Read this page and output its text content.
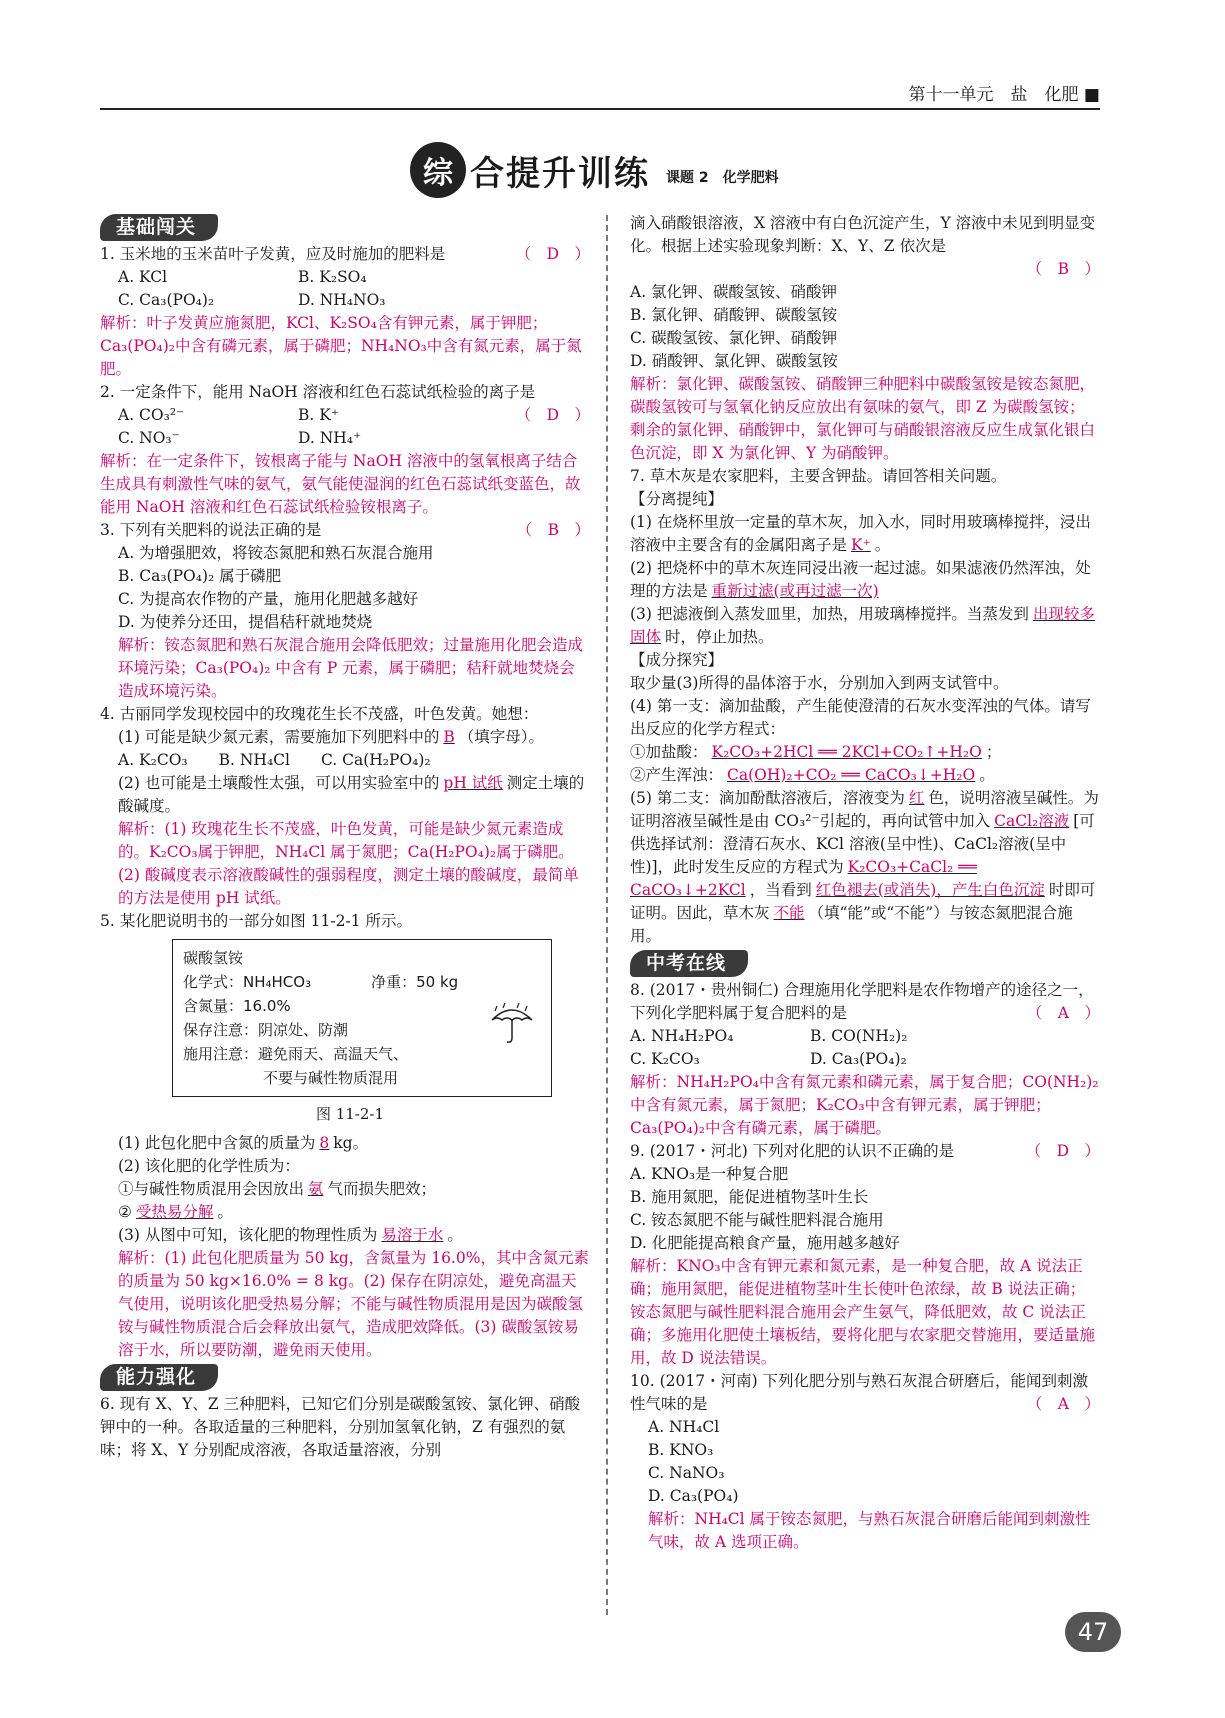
第十一单元　盐　化肥 ■
综 合提升训练 课题 2　化学肥料
基础闯关

1. 玉米地的玉米苗叶子发黄，应及时施加的肥料是	（　D　）

A. KCl	B. K₂SO₄
C. Ca₃(PO₄)₂	D. NH₄NO₃

解析：叶子发黄应施氮肥，KCl、K₂SO₄含有钾元素，属于钾肥；Ca₃(PO₄)₂中含有磷元素，属于磷肥；NH₄NO₃中含有氮元素，属于氮肥。

2. 一定条件下，能用 NaOH 溶液和红色石蕊试纸检验的离子是
（　D　）

A. CO₃²⁻	B. K⁺
C. NO₃⁻	D. NH₄⁺

解析：在一定条件下，铵根离子能与 NaOH 溶液中的氢氧根离子结合生成具有刺激性气味的氨气，氨气能使湿润的红色石蕊试纸变蓝色，故能用 NaOH 溶液和红色石蕊试纸检验铵根离子。

3. 下列有关肥料的说法正确的是	（　B　）

A. 为增强肥效，将铵态氮肥和熟石灰混合施用

B. Ca₃(PO₄)₂ 属于磷肥

C. 为提高农作物的产量，施用化肥越多越好

D. 为使养分还田，提倡秸秆就地焚烧

解析：铵态氮肥和熟石灰混合施用会降低肥效；过量施用化肥会造成环境污染；Ca₃(PO₄)₂ 中含有 P 元素，属于磷肥；秸秆就地焚烧会造成环境污染。

4. 古丽同学发现校园中的玫瑰花生长不茂盛，叶色发黄。她想：

(1) 可能是缺少氮元素，需要施加下列肥料中的 B （填字母）。

A. K₂CO₃　　B. NH₄Cl　　C. Ca(H₂PO₄)₂

(2) 也可能是土壤酸性太强，可以用实验室中的 pH 试纸 测定土壤的酸碱度。

解析：(1) 玫瑰花生长不茂盛，叶色发黄，可能是缺少氮元素造成的。K₂CO₃属于钾肥，NH₄Cl 属于氮肥；Ca(H₂PO₄)₂属于磷肥。(2) 酸碱度表示溶液酸碱性的强弱程度，测定土壤的酸碱度，最简单的方法是使用 pH 试纸。

5. 某化肥说明书的一部分如图 11-2-1 所示。

碳酸氢铵
化学式：NH₄HCO₃	净重：50 kg
含氮量：16.0%
保存注意：阴凉处、防潮
施用注意：避免雨天、高温天气、
不要与碱性物质混用
图 11-2-1

(1) 此包化肥中含氮的质量为 8 kg。

(2) 该化肥的化学性质为：

①与碱性物质混用会因放出 氨 气而损失肥效；

② 受热易分解 。

(3) 从图中可知，该化肥的物理性质为 易溶于水 。

解析：(1) 此包化肥质量为 50 kg，含氮量为 16.0%，其中含氮元素的质量为 50 kg×16.0% = 8 kg。(2) 保存在阴凉处，避免高温天气使用，说明该化肥受热易分解；不能与碱性物质混用是因为碳酸氢铵与碱性物质混合后会释放出氨气，造成肥效降低。(3) 碳酸氢铵易溶于水，所以要防潮，避免雨天使用。

能力强化

6. 现有 X、Y、Z 三种肥料，已知它们分别是碳酸氢铵、氯化钾、硝酸钾中的一种。各取适量的三种肥料，分别加氢氧化钠，Z 有强烈的氨味；将 X、Y 分别配成溶液，各取适量溶液，分别

滴入硝酸银溶液，X 溶液中有白色沉淀产生，Y 溶液中未见到明显变化。根据上述实验现象判断：X、Y、Z 依次是

（　B　）

A. 氯化钾、碳酸氢铵、硝酸钾

B. 氯化钾、硝酸钾、碳酸氢铵

C. 碳酸氢铵、氯化钾、硝酸钾

D. 硝酸钾、氯化钾、碳酸氢铵

解析：氯化钾、碳酸氢铵、硝酸钾三种肥料中碳酸氢铵是铵态氮肥，碳酸氢铵可与氢氧化钠反应放出有氨味的氨气，即 Z 为碳酸氢铵；剩余的氯化钾、硝酸钾中，氯化钾可与硝酸银溶液反应生成氯化银白色沉淀，即 X 为氯化钾、Y 为硝酸钾。

7. 草木灰是农家肥料，主要含钾盐。请回答相关问题。

【分离提纯】

(1) 在烧杯里放一定量的草木灰，加入水，同时用玻璃棒搅拌，浸出溶液中主要含有的金属阳离子是 K⁺ 。

(2) 把烧杯中的草木灰连同浸出液一起过滤。如果滤液仍然浑浊，处理的方法是 重新过滤(或再过滤一次)

(3) 把滤液倒入蒸发皿里，加热，用玻璃棒搅拌。当蒸发到 出现较多固体 时，停止加热。

【成分探究】

取少量(3)所得的晶体溶于水，分别加入到两支试管中。

(4) 第一支：滴加盐酸，产生能使澄清的石灰水变浑浊的气体。请写出反应的化学方程式：

①加盐酸： K₂CO₃+2HCl ══ 2KCl+CO₂↑+H₂O ；

②产生浑浊： Ca(OH)₂+CO₂ ══ CaCO₃↓+H₂O 。

(5) 第二支：滴加酚酞溶液后，溶液变为 红 色，说明溶液呈碱性。为证明溶液呈碱性是由 CO₃²⁻引起的，再向试管中加入 CaCl₂溶液 [可供选择试剂：澄清石灰水、KCl 溶液(呈中性)、CaCl₂溶液(呈中性)]，此时发生反应的方程式为 K₂CO₃+CaCl₂ ══ CaCO₃↓+2KCl ，当看到 红色褪去(或消失)，产生白色沉淀 时即可证明。因此，草木灰 不能 （填“能”或“不能”）与铵态氮肥混合施用。

中考在线

8. (2017・贵州铜仁) 合理施用化学肥料是农作物增产的途径之一，下列化学肥料属于复合肥料的是	（　A　）

A. NH₄H₂PO₄	B. CO(NH₂)₂
C. K₂CO₃	D. Ca₃(PO₄)₂

解析：NH₄H₂PO₄中含有氮元素和磷元素，属于复合肥；CO(NH₂)₂中含有氮元素，属于氮肥；K₂CO₃中含有钾元素，属于钾肥；Ca₃(PO₄)₂中含有磷元素，属于磷肥。

9. (2017・河北) 下列对化肥的认识不正确的是	（　D　）

A. KNO₃是一种复合肥

B. 施用氮肥，能促进植物茎叶生长

C. 铵态氮肥不能与碱性肥料混合施用

D. 化肥能提高粮食产量，施用越多越好

解析：KNO₃中含有钾元素和氮元素，是一种复合肥，故 A 说法正确；施用氮肥，能促进植物茎叶生长使叶色浓绿，故 B 说法正确；铵态氮肥与碱性肥料混合施用会产生氨气，降低肥效，故 C 说法正确；多施用化肥使土壤板结，要将化肥与农家肥交替施用，要适量施用，故 D 说法错误。

10. (2017・河南) 下列化肥分别与熟石灰混合研磨后，能闻到刺激性气味的是	（　A　）

A. NH₄Cl

B. KNO₃

C. NaNO₃

D. Ca₃(PO₄)

解析：NH₄Cl 属于铵态氮肥，与熟石灰混合研磨后能闻到刺激性气味，故 A 选项正确。

47
